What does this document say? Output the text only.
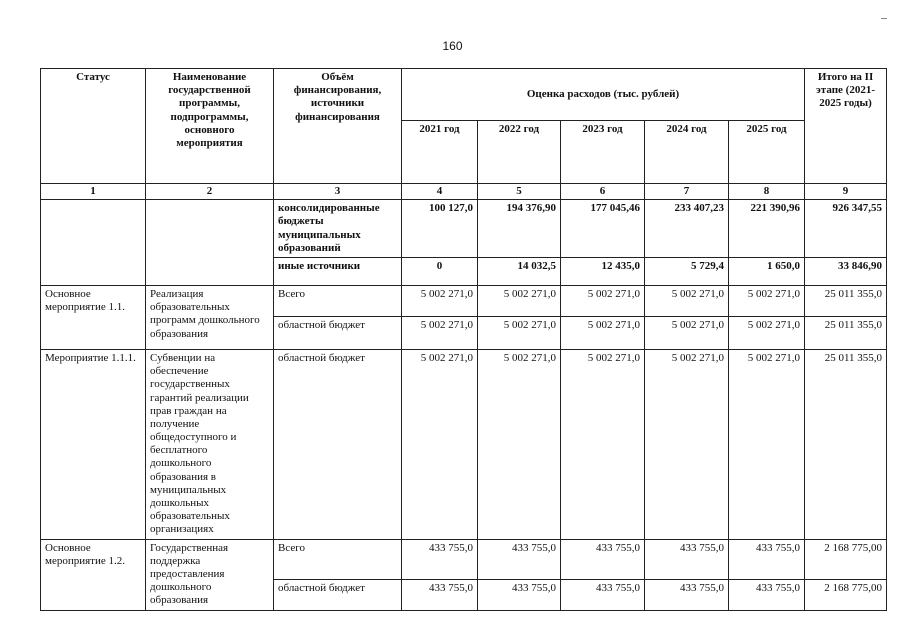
160
Статус	Наименование государственной программы, подпрограммы, основного мероприятия	Объём финансирования, источники финансирования	Оценка расходов (тыс. рублей)					Итого на II этапе (2021-2025 годы)
			2021 год	2022 год	2023 год	2024 год	2025 год	
1	2	3	4	5	6	7	8	9
		консолидированные бюджеты муниципальных образований	100 127,0	194 376,90	177 045,46	233 407,23	221 390,96	926 347,55
		иные источники	0	14 032,5	12 435,0	5 729,4	1 650,0	33 846,90
Основное мероприятие 1.1.	Реализация образовательных программ дошкольного образования	Всего	5 002 271,0	5 002 271,0	5 002 271,0	5 002 271,0	5 002 271,0	25 011 355,0
		областной бюджет	5 002 271,0	5 002 271,0	5 002 271,0	5 002 271,0	5 002 271,0	25 011 355,0
Мероприятие 1.1.1.	Субвенции на обеспечение государственных гарантий реализации прав граждан на получение общедоступного и бесплатного дошкольного образования в муниципальных дошкольных образовательных организациях	областной бюджет	5 002 271,0	5 002 271,0	5 002 271,0	5 002 271,0	5 002 271,0	25 011 355,0
Основное мероприятие 1.2.	Государственная поддержка предоставления дошкольного образования	Всего	433 755,0	433 755,0	433 755,0	433 755,0	433 755,0	2 168 775,00
		областной бюджет	433 755,0	433 755,0	433 755,0	433 755,0	433 755,0	2 168 775,00
